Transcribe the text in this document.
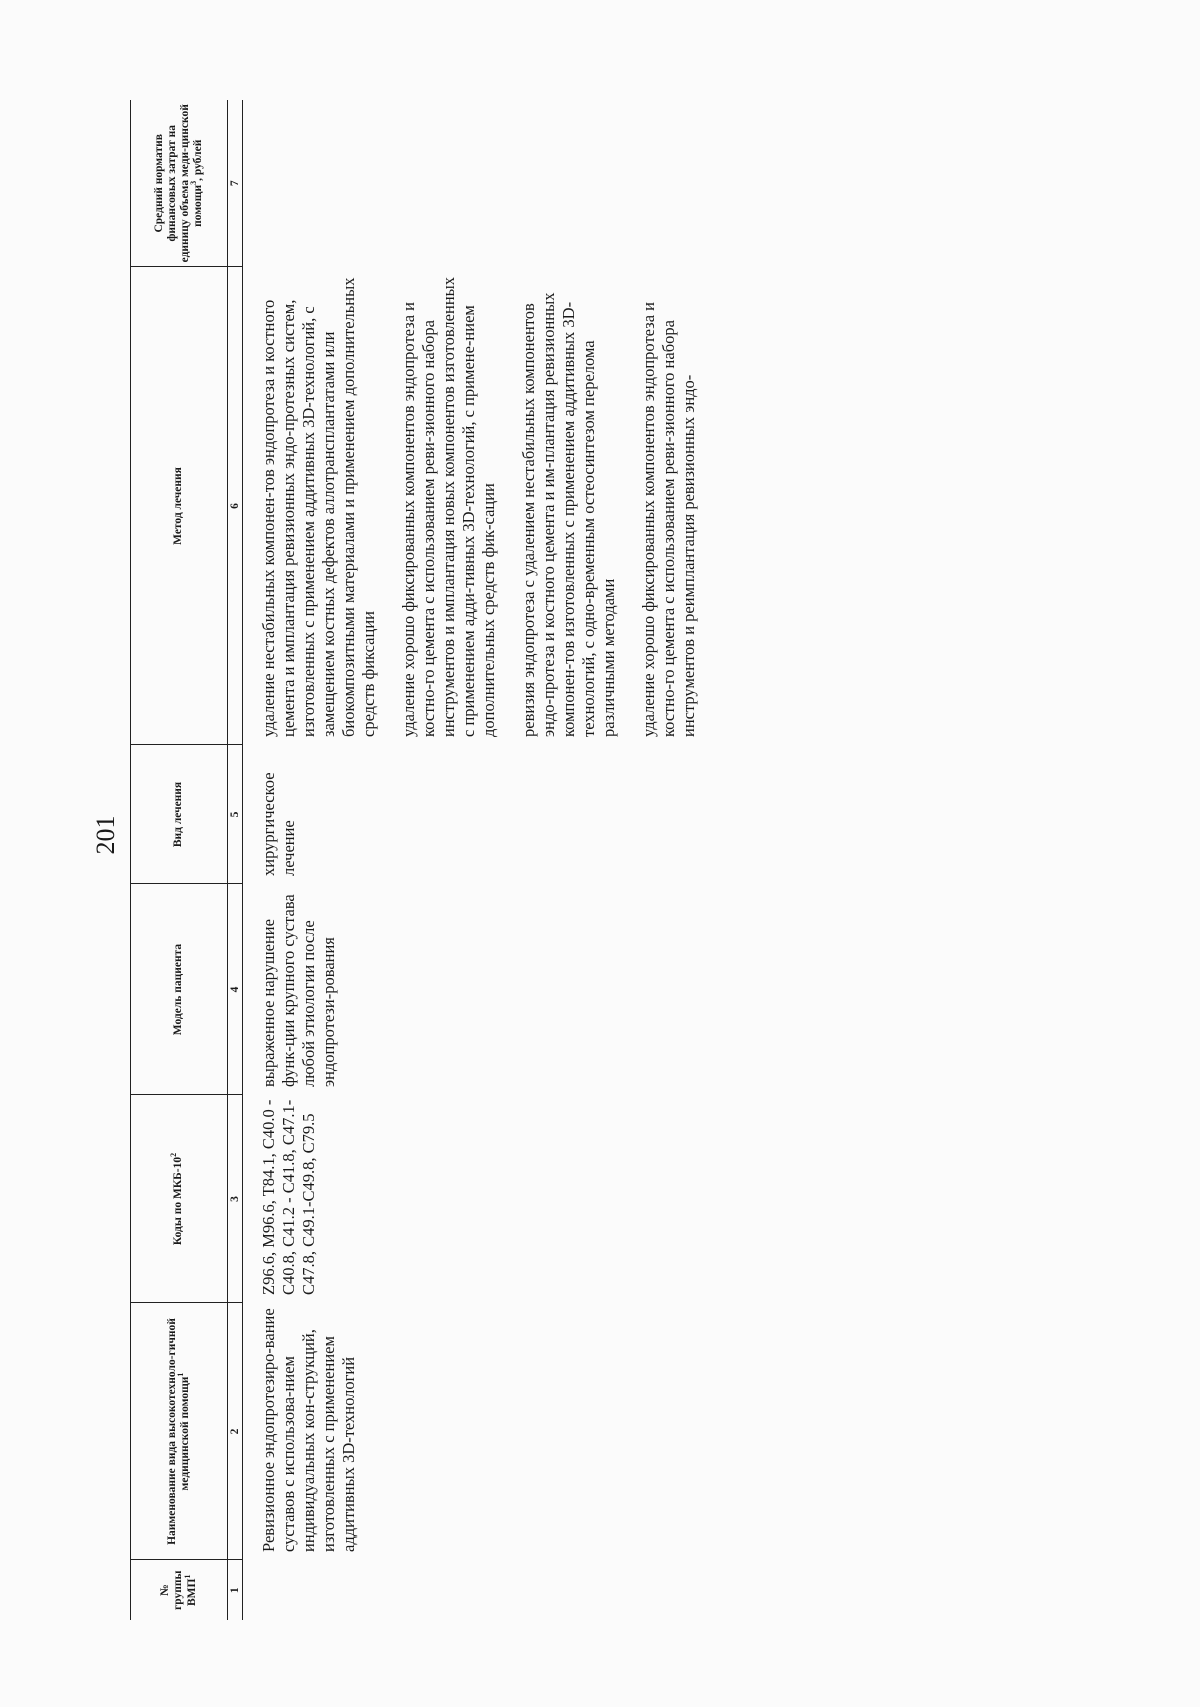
201
№ группы ВМП$^1$	Наименование вида высокотехноло-гичной медицинской помощи$^1$	Коды по МКБ-$10^2$	Модель пациента	Вид лечения	Метод лечения	Средний норматив финансовых затрат на единицу объема меди-цинской помощи$^3$, рублей
1	2	3	4	5	6	7
	Ревизионное эндопротезиро-вание суставов с использова-нием индивидуальных кон-струкций, изготовленных с применением аддитивных 3D-технологий	Z96.6, M96.6, T84.1, C40.0 - C40.8, C41.2 - C41.8, C47.1-C47.8, C49.1-C49.8, C79.5	выраженное нарушение функ-ции крупного сустава любой этиологии после эндопротези-рования	хирургическое лечение	удаление нестабильных компонен-тов эндопротеза и костного цемента и имплантация ревизионных эндо-протезных систем, изготовленных с применением аддитивных 3D-технологий, с замещением костных дефектов аллотрансплантатами или биокомпозитными материалами и применением дополнительных средств фиксации удаление хорошо фиксированных компонентов эндопротеза и костно-го цемента с использованием реви-зионного набора инструментов и имплантация новых компонентов изготовленных с применением адди-тивных 3D-технологий, с примене-нием дополнительных средств фик-сации ревизия эндопротеза с удалением нестабильных компонентов эндо-протеза и костного цемента и им-плантация ревизионных компонен-тов изготовленных с применением аддитивных 3D-технологий, с одно-временным остеосинтезом перелома различными методами удаление хорошо фиксированных компонентов эндопротеза и костно-го цемента с использованием реви-зионного набора инструментов и реимплантация ревизионных эндо-	
